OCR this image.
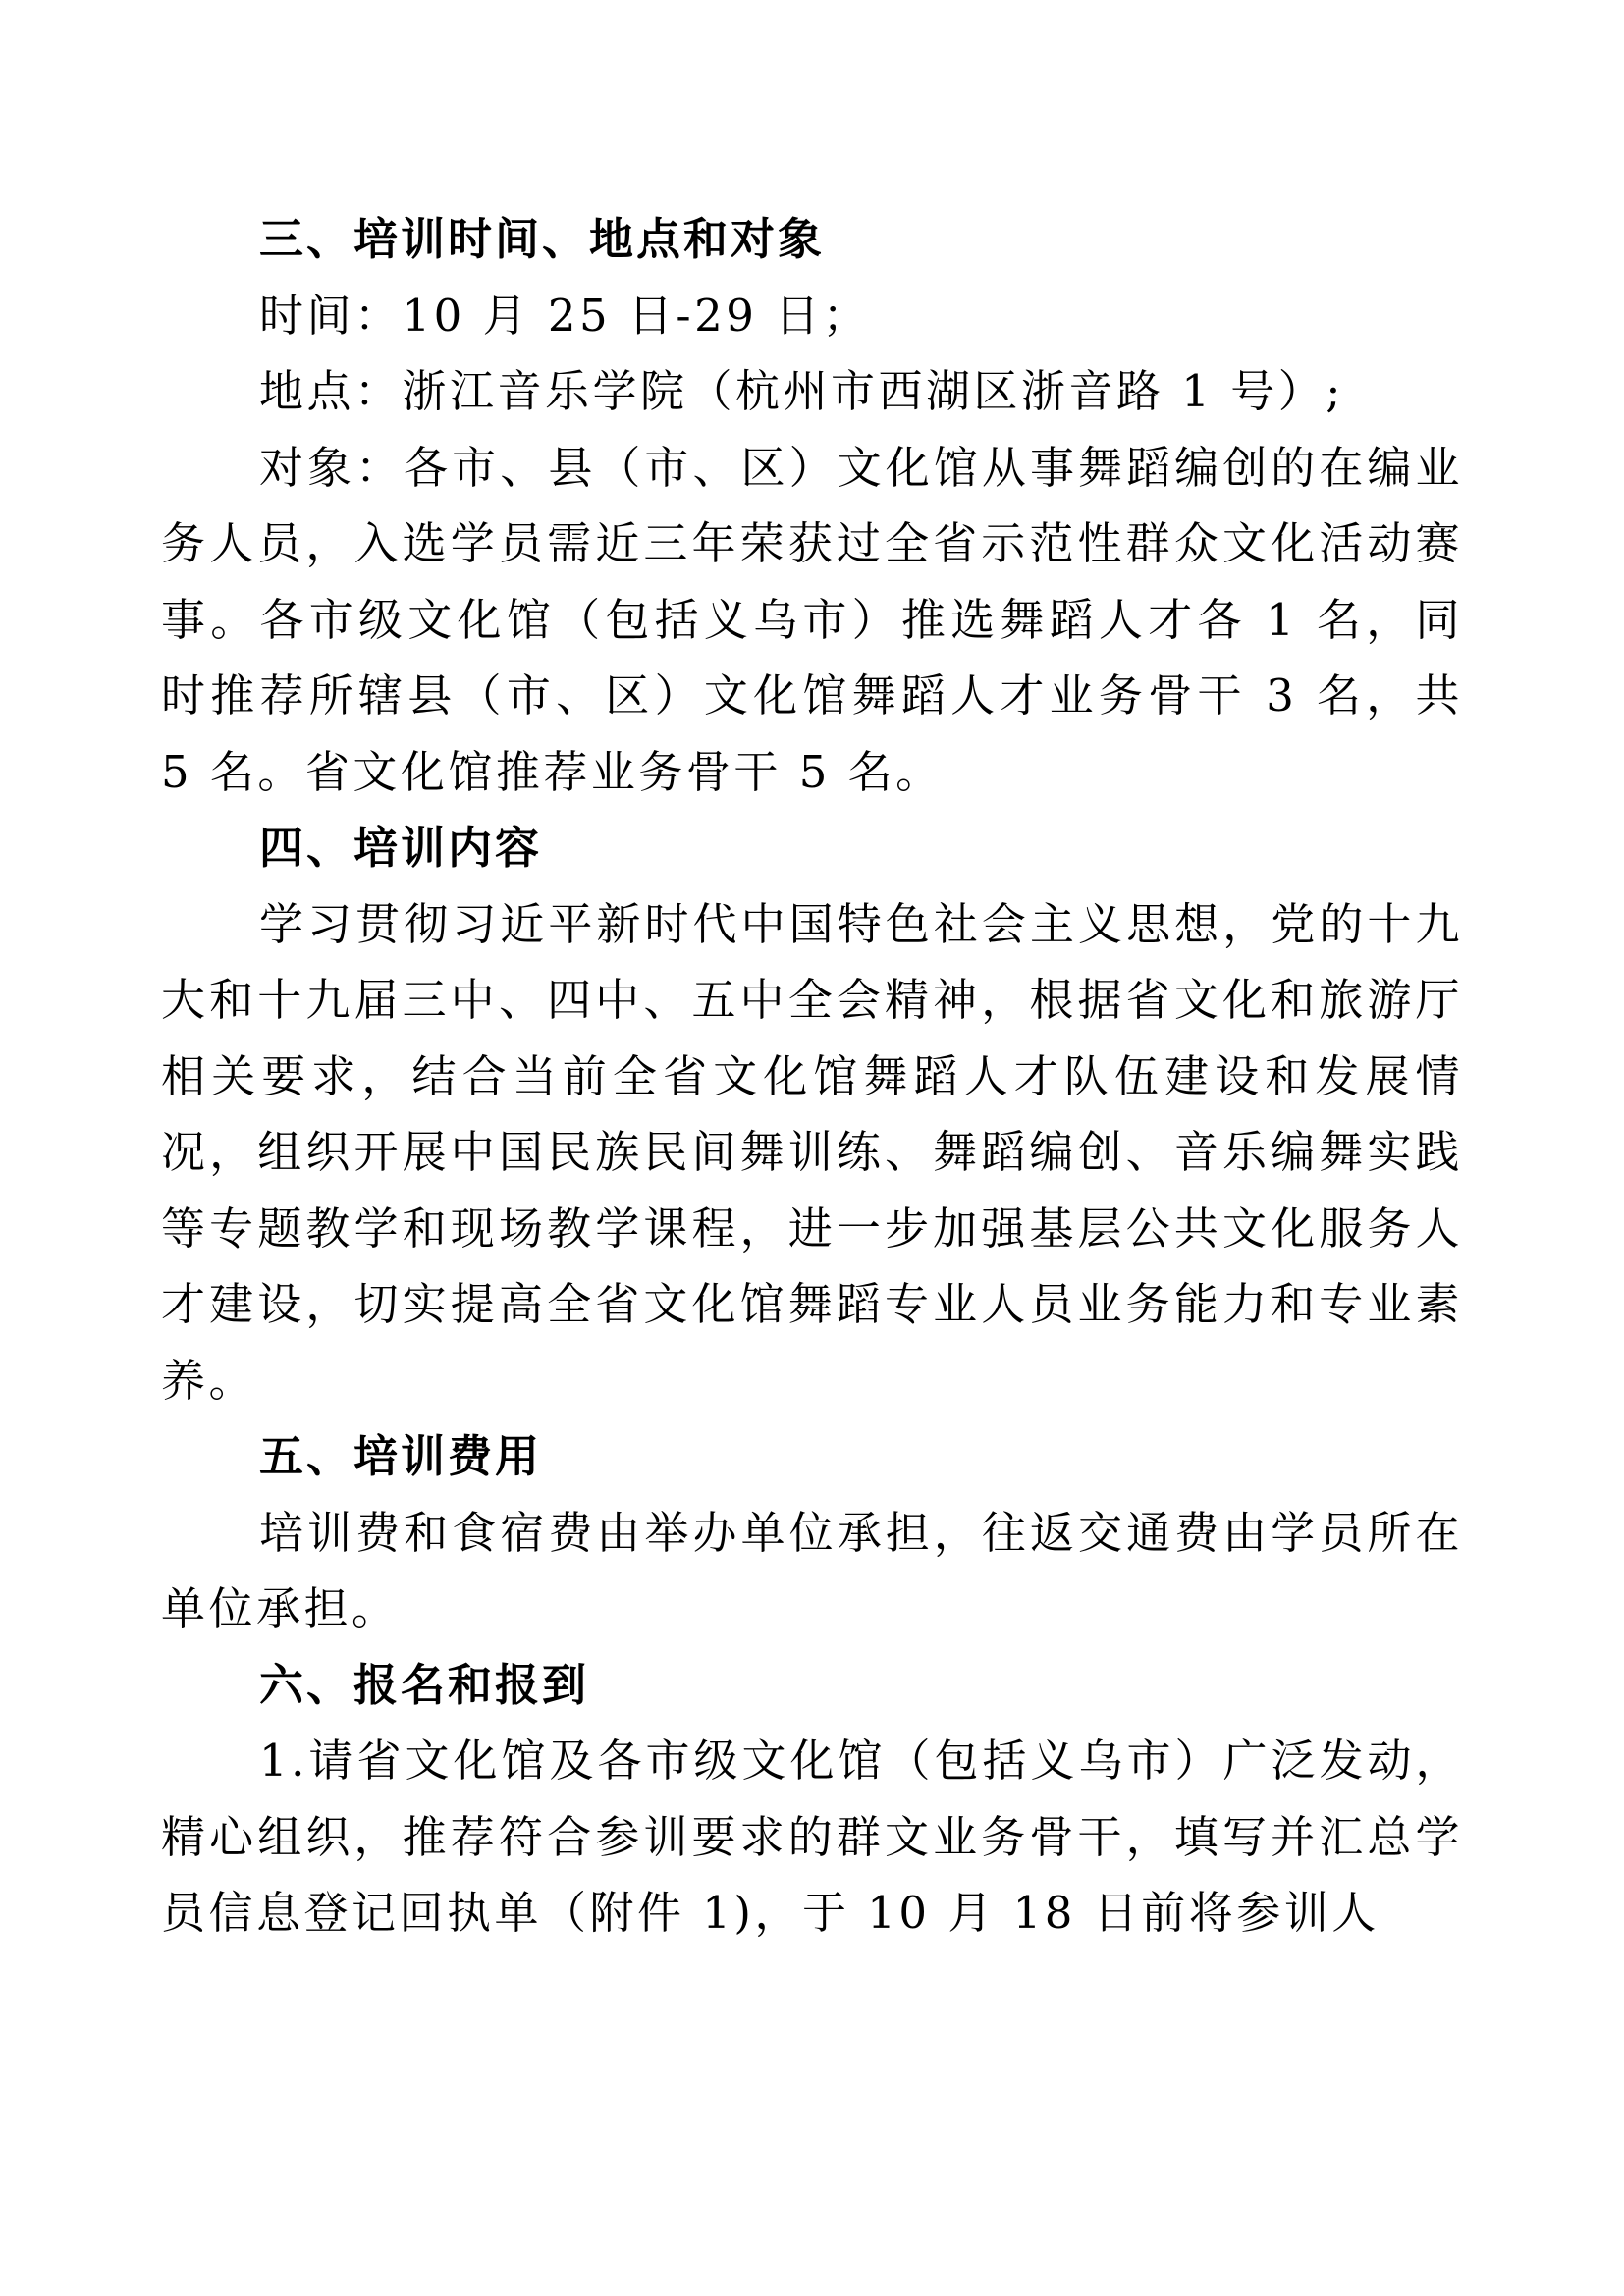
三、培训时间、地点和对象

时间：10 月 25 日-29 日；

地点：浙江音乐学院（杭州市西湖区浙音路 1 号）;

对象：各市、县（市、区）文化馆从事舞蹈编创的在编业务人员，入选学员需近三年荣获过全省示范性群众文化活动赛事。各市级文化馆（包括义乌市）推选舞蹈人才各 1 名，同时推荐所辖县（市、区）文化馆舞蹈人才业务骨干 3 名，共 5 名。省文化馆推荐业务骨干 5 名。

四、培训内容

学习贯彻习近平新时代中国特色社会主义思想，党的十九大和十九届三中、四中、五中全会精神，根据省文化和旅游厅相关要求，结合当前全省文化馆舞蹈人才队伍建设和发展情况，组织开展中国民族民间舞训练、舞蹈编创、音乐编舞实践等专题教学和现场教学课程，进一步加强基层公共文化服务人才建设，切实提高全省文化馆舞蹈专业人员业务能力和专业素养。

五、培训费用

培训费和食宿费由举办单位承担，往返交通费由学员所在单位承担。

六、报名和报到

1.请省文化馆及各市级文化馆（包括义乌市）广泛发动，精心组织，推荐符合参训要求的群文业务骨干，填写并汇总学员信息登记回执单（附件 1)，于 10 月 18 日前将参训人
